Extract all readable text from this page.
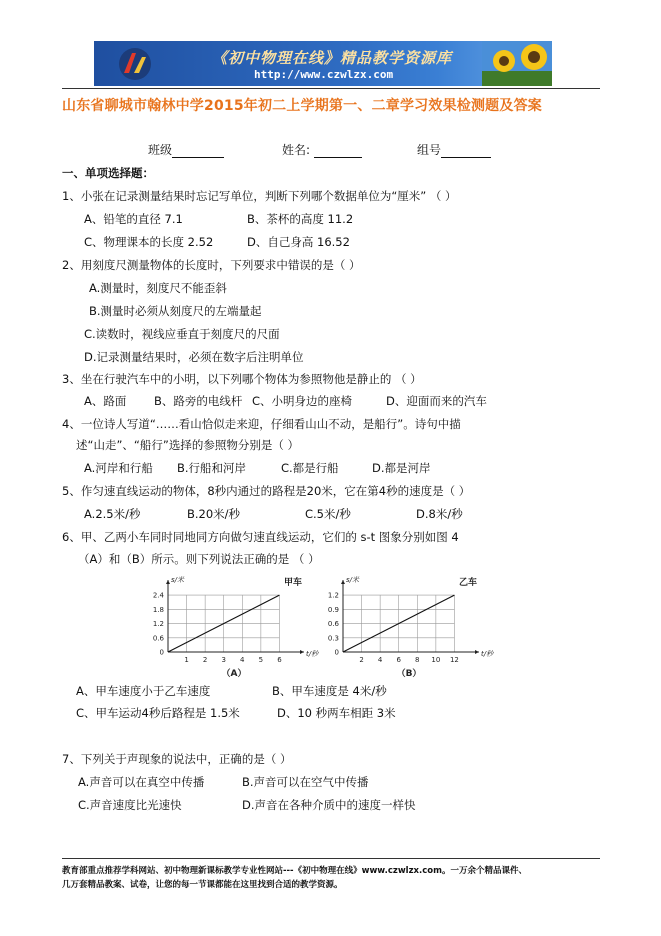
《初中物理在线》精品教学资源库
http://www.czwlzx.com
山东省聊城市翰林中学2015年初二上学期第一、二章学习效果检测题及答案
班级	姓名:	组号
一、单项选择题：
1、小张在记录测量结果时忘记写单位，判断下列哪个数据单位为“厘米” （ ）
A、铅笔的直径 7.1	B、茶杯的高度 11.2
C、物理课本的长度 2.52	D、自己身高 16.52
2、用刻度尺测量物体的长度时，下列要求中错误的是（ ）
A.测量时，刻度尺不能歪斜
B.测量时必须从刻度尺的左端量起
C.读数时，视线应垂直于刻度尺的尺面
D.记录测量结果时，必须在数字后注明单位
3、坐在行驶汽车中的小明，以下列哪个物体为参照物他是静止的 （ ）
A、路面 B、路旁的电线杆 C、小明身边的座椅	D、迎面而来的汽车
4、一位诗人写道“……看山恰似走来迎，仔细看山山不动，是船行”。诗句中描
述“山走”、“船行”选择的参照物分别是（ ）
A.河岸和行船 B.行船和河岸	C.都是行船	D.都是河岸
5、作匀速直线运动的物体，8秒内通过的路程是20米，它在第4秒的速度是（ ）
A.2.5米/秒	B.20米/秒	C.5米/秒	D.8米/秒
6、甲、乙两小车同时同地同方向做匀速直线运动，它们的 s-t 图象分别如图 4
（A）和（B）所示。则下列说法正确的是 （ ）
1 2 3 4 5 6
0
0.6
1.2
1.8
2.4
s/米
t/秒
甲车
（A）
2 4 6 8 10 12
0
0.3
0.6
0.9
1.2
s/米
t/秒
乙车
（B）
A、甲车速度小于乙车速度	B、甲车速度是 4米/秒
C、甲车运动4秒后路程是 1.5米	D、10 秒两车相距 3米
7、下列关于声现象的说法中，正确的是（ ）
A.声音可以在真空中传播	B.声音可以在空气中传播
C.声音速度比光速快	D.声音在各种介质中的速度一样快
教育部重点推荐学科网站、初中物理新课标教学专业性网站---《初中物理在线》www.czwlzx.com。一万余个精品课件、
几万套精品教案、试卷，让您的每一节课都能在这里找到合适的教学资源。
